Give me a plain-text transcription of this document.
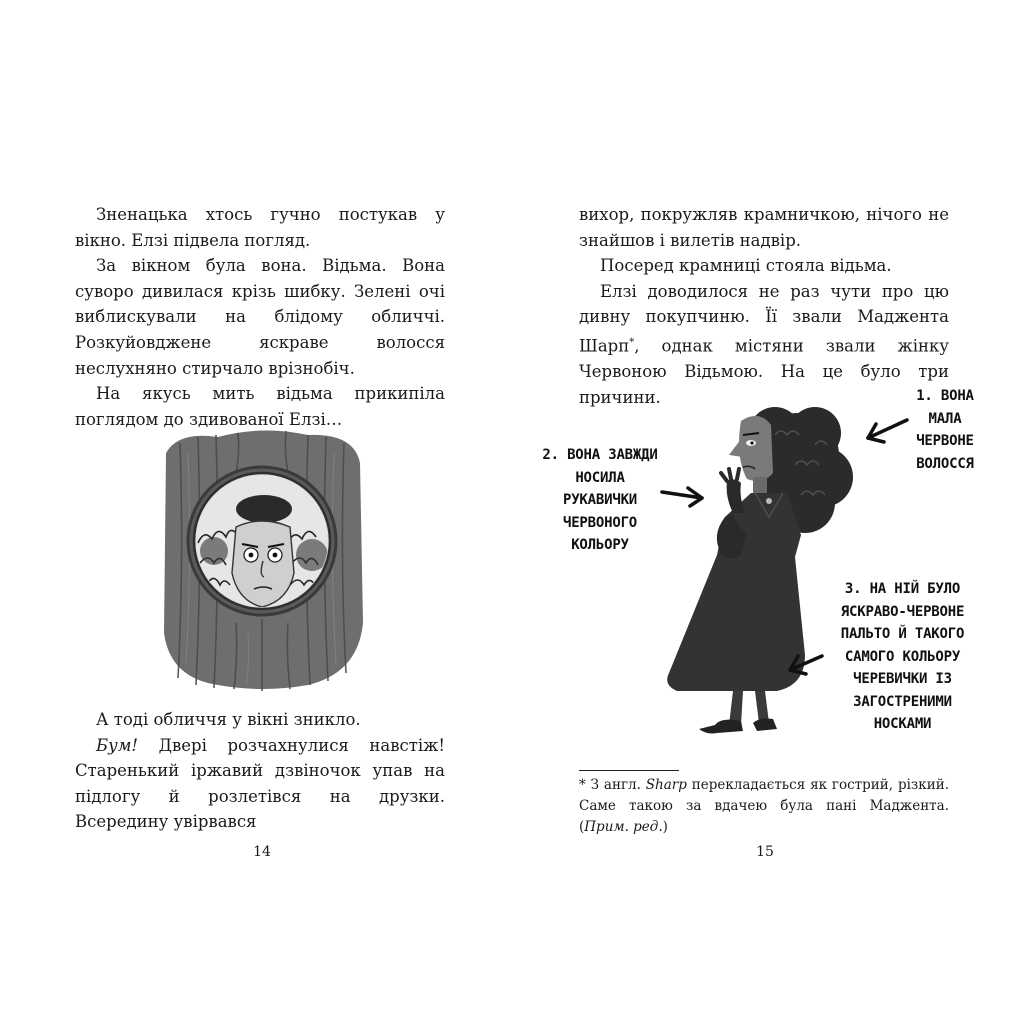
Зненацька хтось гучно постукав у вікно. Елзі підвела погляд.

За вікном була вона. Відьма. Вона суворо дивилася крізь шибку. Зелені очі виблискували на блідому обличчі. Розкуйовджене яскраве волосся неслухняно стирчало врізнобіч.

На якусь мить відьма прикипіла поглядом до здивованої Елзі…

А тоді обличчя у вікні зникло.

Бум! Двері розчахнулися навстіж! Старенький іржавий дзвіночок упав на підлогу й розлетівся на друзки. Всередину увірвався

14

вихор, покружляв крамничкою, нічого не знайшов і вилетів надвір.

Посеред крамниці стояла відьма.

Елзі доводилося не раз чути про цю дивну покупчиню. Її звали Маджента Шарп*, однак містяни звали жінку Червоною Відьмою. На це було три причини.	1. ВОНА
МАЛА
ЧЕРВОНЕ
ВОЛОССЯ
2. ВОНА ЗАВЖДИ
НОСИЛА
РУКАВИЧКИ
ЧЕРВОНОГО
КОЛЬОРУ
3. НА НІЙ БУЛО
ЯСКРАВО-ЧЕРВОНЕ
ПАЛЬТО Й ТАКОГО
САМОГО КОЛЬОРУ
ЧЕРЕВИЧКИ ІЗ
ЗАГОСТРЕНИМИ
НОСКАМИ
* З англ. Sharp перекладається як гострий, різкий. Саме такою за вдачею була пані Маджента. (Прим. ред.)
15
